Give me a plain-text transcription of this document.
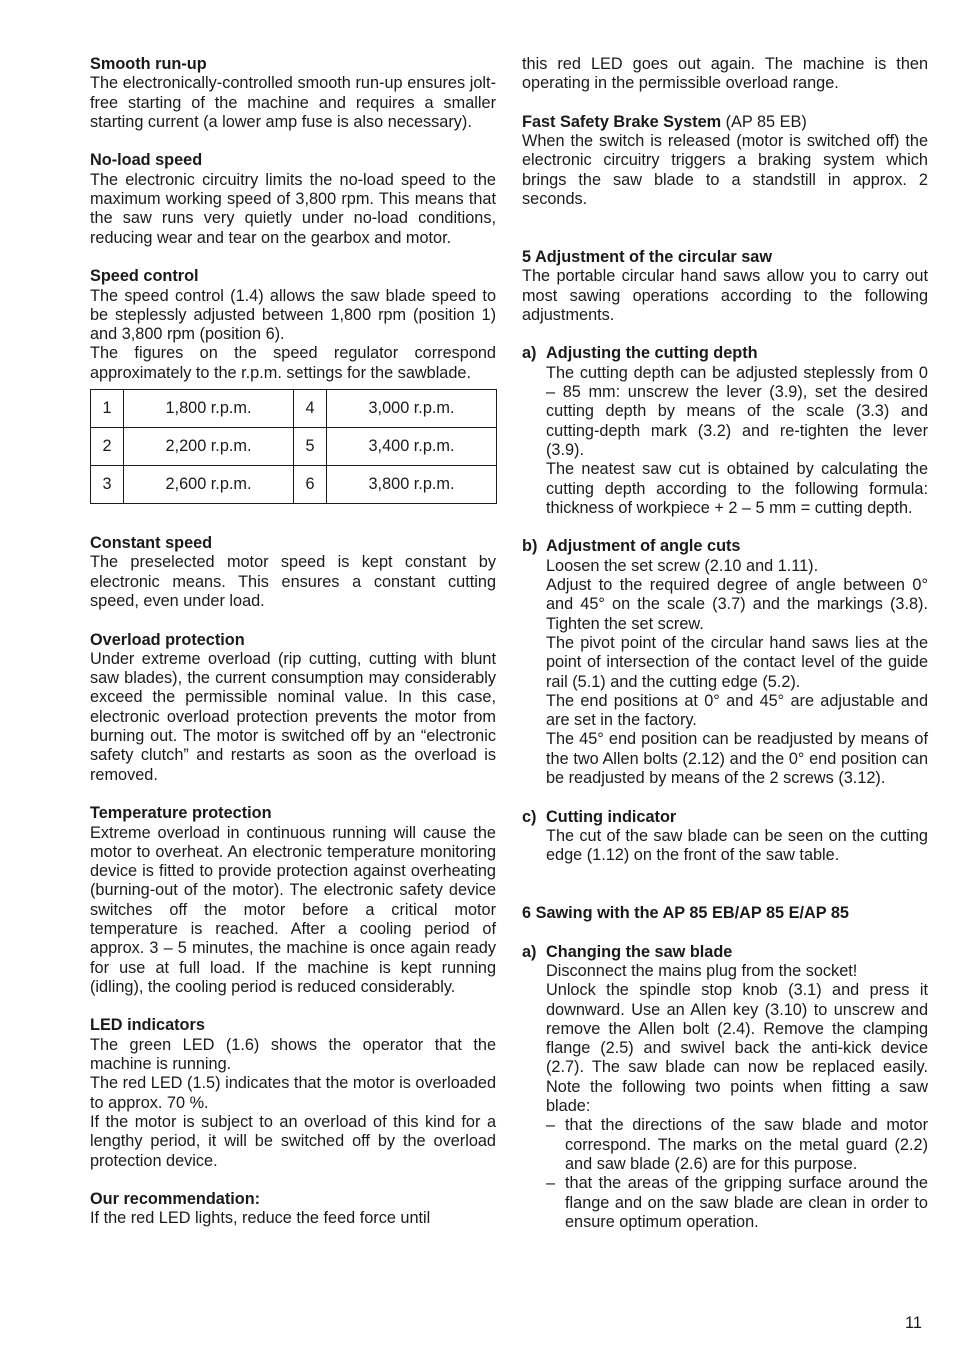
Smooth run-up

The electronically-controlled smooth run-up ensures jolt-free starting of the machine and requires a smaller starting current (a lower amp fuse is also necessary).

No-load speed

The electronic circuitry limits the no-load speed to the maximum working speed of 3,800 rpm. This means that the saw runs very quietly under no-load conditions, reducing wear and tear on the gearbox and motor.

Speed control

The speed control (1.4) allows the saw blade speed to be steplessly adjusted between 1,800 rpm (position 1) and 3,800 rpm (position 6).

The figures on the speed regulator correspond approximately to the r.p.m. settings for the sawblade.

1	1,800 r.p.m.	4	3,000 r.p.m.
2	2,200 r.p.m.	5	3,400 r.p.m.
3	2,600 r.p.m.	6	3,800 r.p.m.

Constant speed

The preselected motor speed is kept constant by electronic means. This ensures a constant cutting speed, even under load.

Overload protection

Under extreme overload (rip cutting, cutting with blunt saw blades), the current consumption may considerably exceed the permissible nominal value. In this case, electronic overload protection prevents the motor from burning out. The motor is switched off by an “electronic safety clutch” and restarts as soon as the overload is removed.

Temperature protection

Extreme overload in continuous running will cause the motor to overheat. An electronic temperature monitoring device is fitted to provide protection against overheating (burning-out of the motor). The electronic safety device switches off the motor before a critical motor temperature is reached. After a cooling period of approx. 3 – 5 minutes, the machine is once again ready for use at full load. If the machine is kept running (idling), the cooling period is reduced considerably.

LED indicators

The green LED (1.6) shows the operator that the machine is running.

The red LED (1.5) indicates that the motor is overloaded to approx. 70 %.

If the motor is subject to an overload of this kind for a lengthy period, it will be switched off by the overload protection device.

Our recommendation:

If the red LED lights, reduce the feed force until

this red LED goes out again. The machine is then operating in the permissible overload range.

Fast Safety Brake System (AP 85 EB)

When the switch is released (motor is switched off) the electronic circuitry triggers a braking system which brings the saw blade to a standstill in approx. 2 seconds.

5 Adjustment of the circular saw

The portable circular hand saws allow you to carry out most sawing operations according to the following adjustments.

a) Adjusting the cutting depth

The cutting depth can be adjusted steplessly from 0 – 85 mm: unscrew the lever (3.9), set the desired cutting depth by means of the scale (3.3) and cutting-depth mark (3.2) and re-tighten the lever (3.9).

The neatest saw cut is obtained by calculating the cutting depth according to the following formula: thickness of workpiece + 2 – 5 mm = cutting depth.

b) Adjustment of angle cuts

Loosen the set screw (2.10 and 1.11).

Adjust to the required degree of angle between 0° and 45° on the scale (3.7) and the markings (3.8). Tighten the set screw.

The pivot point of the circular hand saws lies at the point of intersection of the contact level of the guide rail (5.1) and the cutting edge (5.2).

The end positions at 0° and 45° are adjustable and are set in the factory.

The 45° end position can be readjusted by means of the two Allen bolts (2.12) and the 0° end position can be readjusted by means of the 2 screws (3.12).

c) Cutting indicator

The cut of the saw blade can be seen on the cutting edge (1.12) on the front of the saw table.

6 Sawing with the AP 85 EB/AP 85 E/AP 85

a) Changing the saw blade

Disconnect the mains plug from the socket!

Unlock the spindle stop knob (3.1) and press it downward. Use an Allen key (3.10) to unscrew and remove the Allen bolt (2.4). Remove the clamping flange (2.5) and swivel back the anti-kick device (2.7). The saw blade can now be replaced easily. Note the following two points when fitting a saw blade:

– that the directions of the saw blade and motor correspond. The marks on the metal guard (2.2) and saw blade (2.6) are for this purpose.

– that the areas of the gripping surface around the flange and on the saw blade are clean in order to ensure optimum operation.

11
